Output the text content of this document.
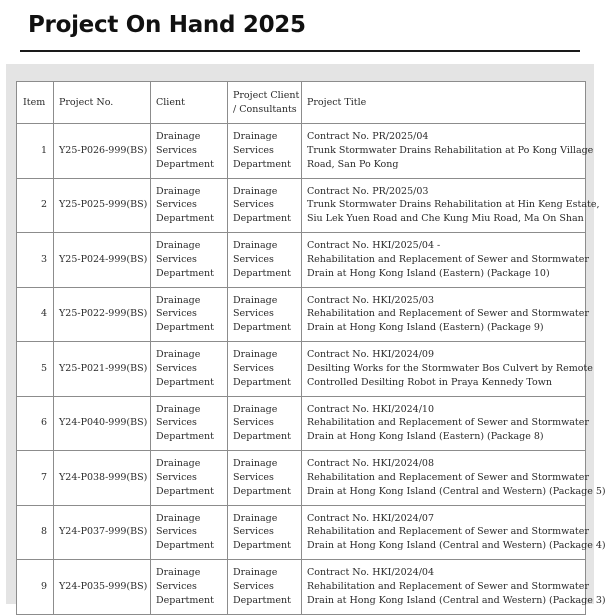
Project On Hand 2025
Item	Project No.	Client	Project Client
/ Consultants	Project Title
1	Y25-P026-999(BS)	Drainage
Services
Department	Drainage
Services
Department	Contract No. PR/2025/04
Trunk Stormwater Drains Rehabilitation at Po Kong Village
Road, San Po Kong

2	Y25-P025-999(BS)	Drainage
Services
Department	Drainage
Services
Department	Contract No. PR/2025/03
Trunk Stormwater Drains Rehabilitation at Hin Keng Estate,
Siu Lek Yuen Road and Che Kung Miu Road, Ma On Shan

3	Y25-P024-999(BS)	Drainage
Services
Department	Drainage
Services
Department	Contract No. HKI/2025/04 -
Rehabilitation and Replacement of Sewer and Stormwater
Drain at Hong Kong Island (Eastern) (Package 10)

4	Y25-P022-999(BS)	Drainage
Services
Department	Drainage
Services
Department	Contract No. HKI/2025/03
Rehabilitation and Replacement of Sewer and Stormwater
Drain at Hong Kong Island (Eastern) (Package 9)

5	Y25-P021-999(BS)	Drainage
Services
Department	Drainage
Services
Department	Contract No. HKI/2024/09
Desilting Works for the Stormwater Bos Culvert by Remote
Controlled Desilting Robot in Praya Kennedy Town

6	Y24-P040-999(BS)	Drainage
Services
Department	Drainage
Services
Department	Contract No. HKI/2024/10
Rehabilitation and Replacement of Sewer and Stormwater
Drain at Hong Kong Island (Eastern) (Package 8)

7	Y24-P038-999(BS)	Drainage
Services
Department	Drainage
Services
Department	Contract No. HKI/2024/08
Rehabilitation and Replacement of Sewer and Stormwater
Drain at Hong Kong Island (Central and Western) (Package 5)

8	Y24-P037-999(BS)	Drainage
Services
Department	Drainage
Services
Department	Contract No. HKI/2024/07
Rehabilitation and Replacement of Sewer and Stormwater
Drain at Hong Kong Island (Central and Western) (Package 4)

9	Y24-P035-999(BS)	Drainage
Services
Department	Drainage
Services
Department	Contract No. HKI/2024/04
Rehabilitation and Replacement of Sewer and Stormwater
Drain at Hong Kong Island (Central and Western) (Package 3)
